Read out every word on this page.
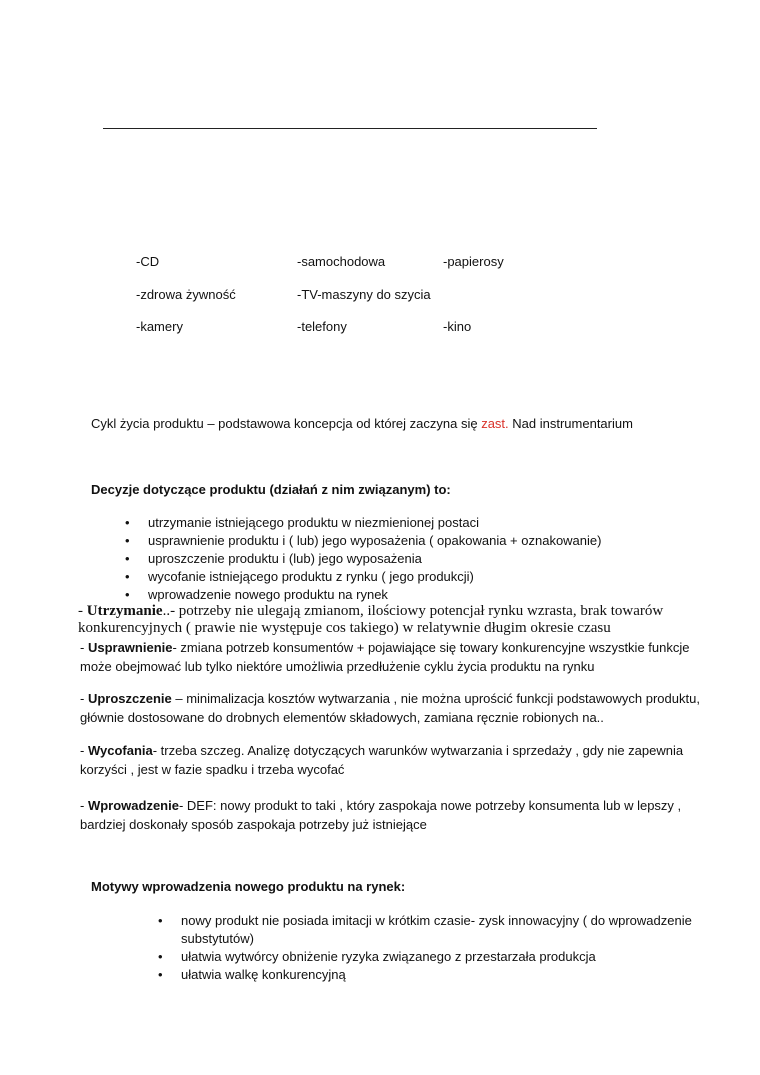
-CD	-samochodowa	-papierosy
-zdrowa żywność	-TV-maszyny do szycia
-kamery	-telefony	-kino
Cykl życia produktu – podstawowa koncepcja od której zaczyna się zast. Nad instrumentarium
Decyzje dotyczące produktu (działań z nim związanym) to:
• utrzymanie istniejącego produktu w niezmienionej postaci
• usprawnienie produktu i ( lub) jego wyposażenia ( opakowania + oznakowanie)
• uproszczenie produktu i (lub) jego wyposażenia
• wycofanie istniejącego produktu z rynku ( jego produkcji)
• wprowadzenie nowego produktu na rynek
- Utrzymanie..- potrzeby nie ulegają zmianom, ilościowy potencjał rynku wzrasta, brak towarów konkurencyjnych ( prawie nie występuje cos takiego) w relatywnie długim okresie czasu
- Usprawnienie- zmiana potrzeb konsumentów + pojawiające się towary konkurencyjne wszystkie funkcje może obejmować lub tylko niektóre umożliwia przedłużenie cyklu życia produktu na rynku
- Uproszczenie – minimalizacja kosztów wytwarzania , nie można uprościć funkcji podstawowych produktu, głównie dostosowane do drobnych elementów składowych, zamiana ręcznie robionych na..
- Wycofania- trzeba szczeg. Analizę dotyczących warunków wytwarzania i sprzedaży , gdy nie zapewnia korzyści , jest w fazie spadku i trzeba wycofać
- Wprowadzenie- DEF: nowy produkt to taki , który zaspokaja nowe potrzeby konsumenta lub w lepszy , bardziej doskonały sposób zaspokaja potrzeby już istniejące
Motywy wprowadzenia nowego produktu na rynek:
• nowy produkt nie posiada imitacji w krótkim czasie- zysk innowacyjny ( do wprowadzenie substytutów)
• ułatwia wytwórcy obniżenie ryzyka związanego z przestarzała produkcja
• ułatwia walkę konkurencyjną
